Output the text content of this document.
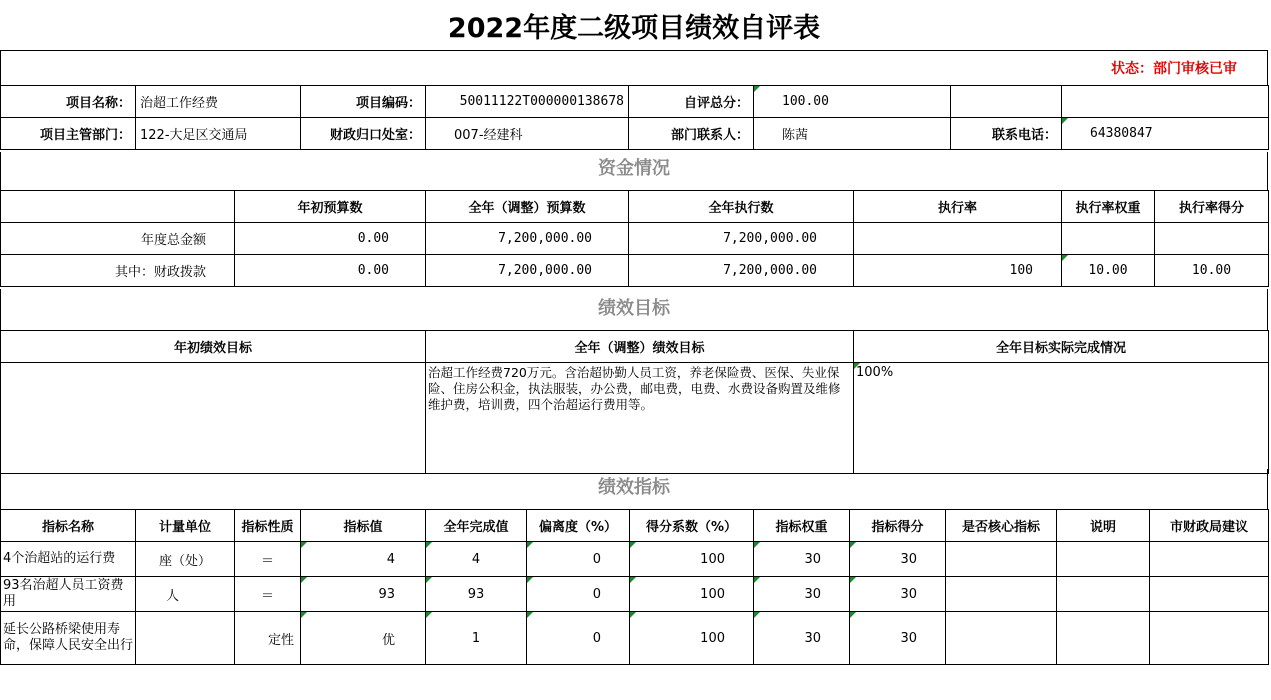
2022年度二级项目绩效自评表
状态：部门审核已审
项目名称：	治超工作经费	项目编码：	50011122T000000138678	自评总分：	100.00		
项目主管部门：	122-大足区交通局	财政归口处室：	007-经建科	部门联系人：	陈茜	联系电话：	64380847
资金情况
	年初预算数	全年（调整）预算数	全年执行数	执行率	执行率权重	执行率得分
年度总金额	0.00	7,200,000.00	7,200,000.00			
其中：财政拨款	0.00	7,200,000.00	7,200,000.00	100	10.00	10.00
绩效目标
年初绩效目标	全年（调整）绩效目标	全年目标实际完成情况
	治超工作经费720万元。含治超协勤人员工资，养老保险费、医保、失业保险、住房公积金，执法服装，办公费，邮电费，电费、水费设备购置及维修维护费，培训费，四个治超运行费用等。	100%
绩效指标
指标名称	计量单位	指标性质	指标值	全年完成值	偏离度（%）	得分系数（%）	指标权重	指标得分	是否核心指标	说明	市财政局建议
4个治超站的运行费	座（处）	＝	4	4	0	100	30	30			
93名治超人员工资费用	人	＝	93	93	0	100	30	30			
延长公路桥梁使用寿命，保障人民安全出行		定性	优	1	0	100	30	30			
